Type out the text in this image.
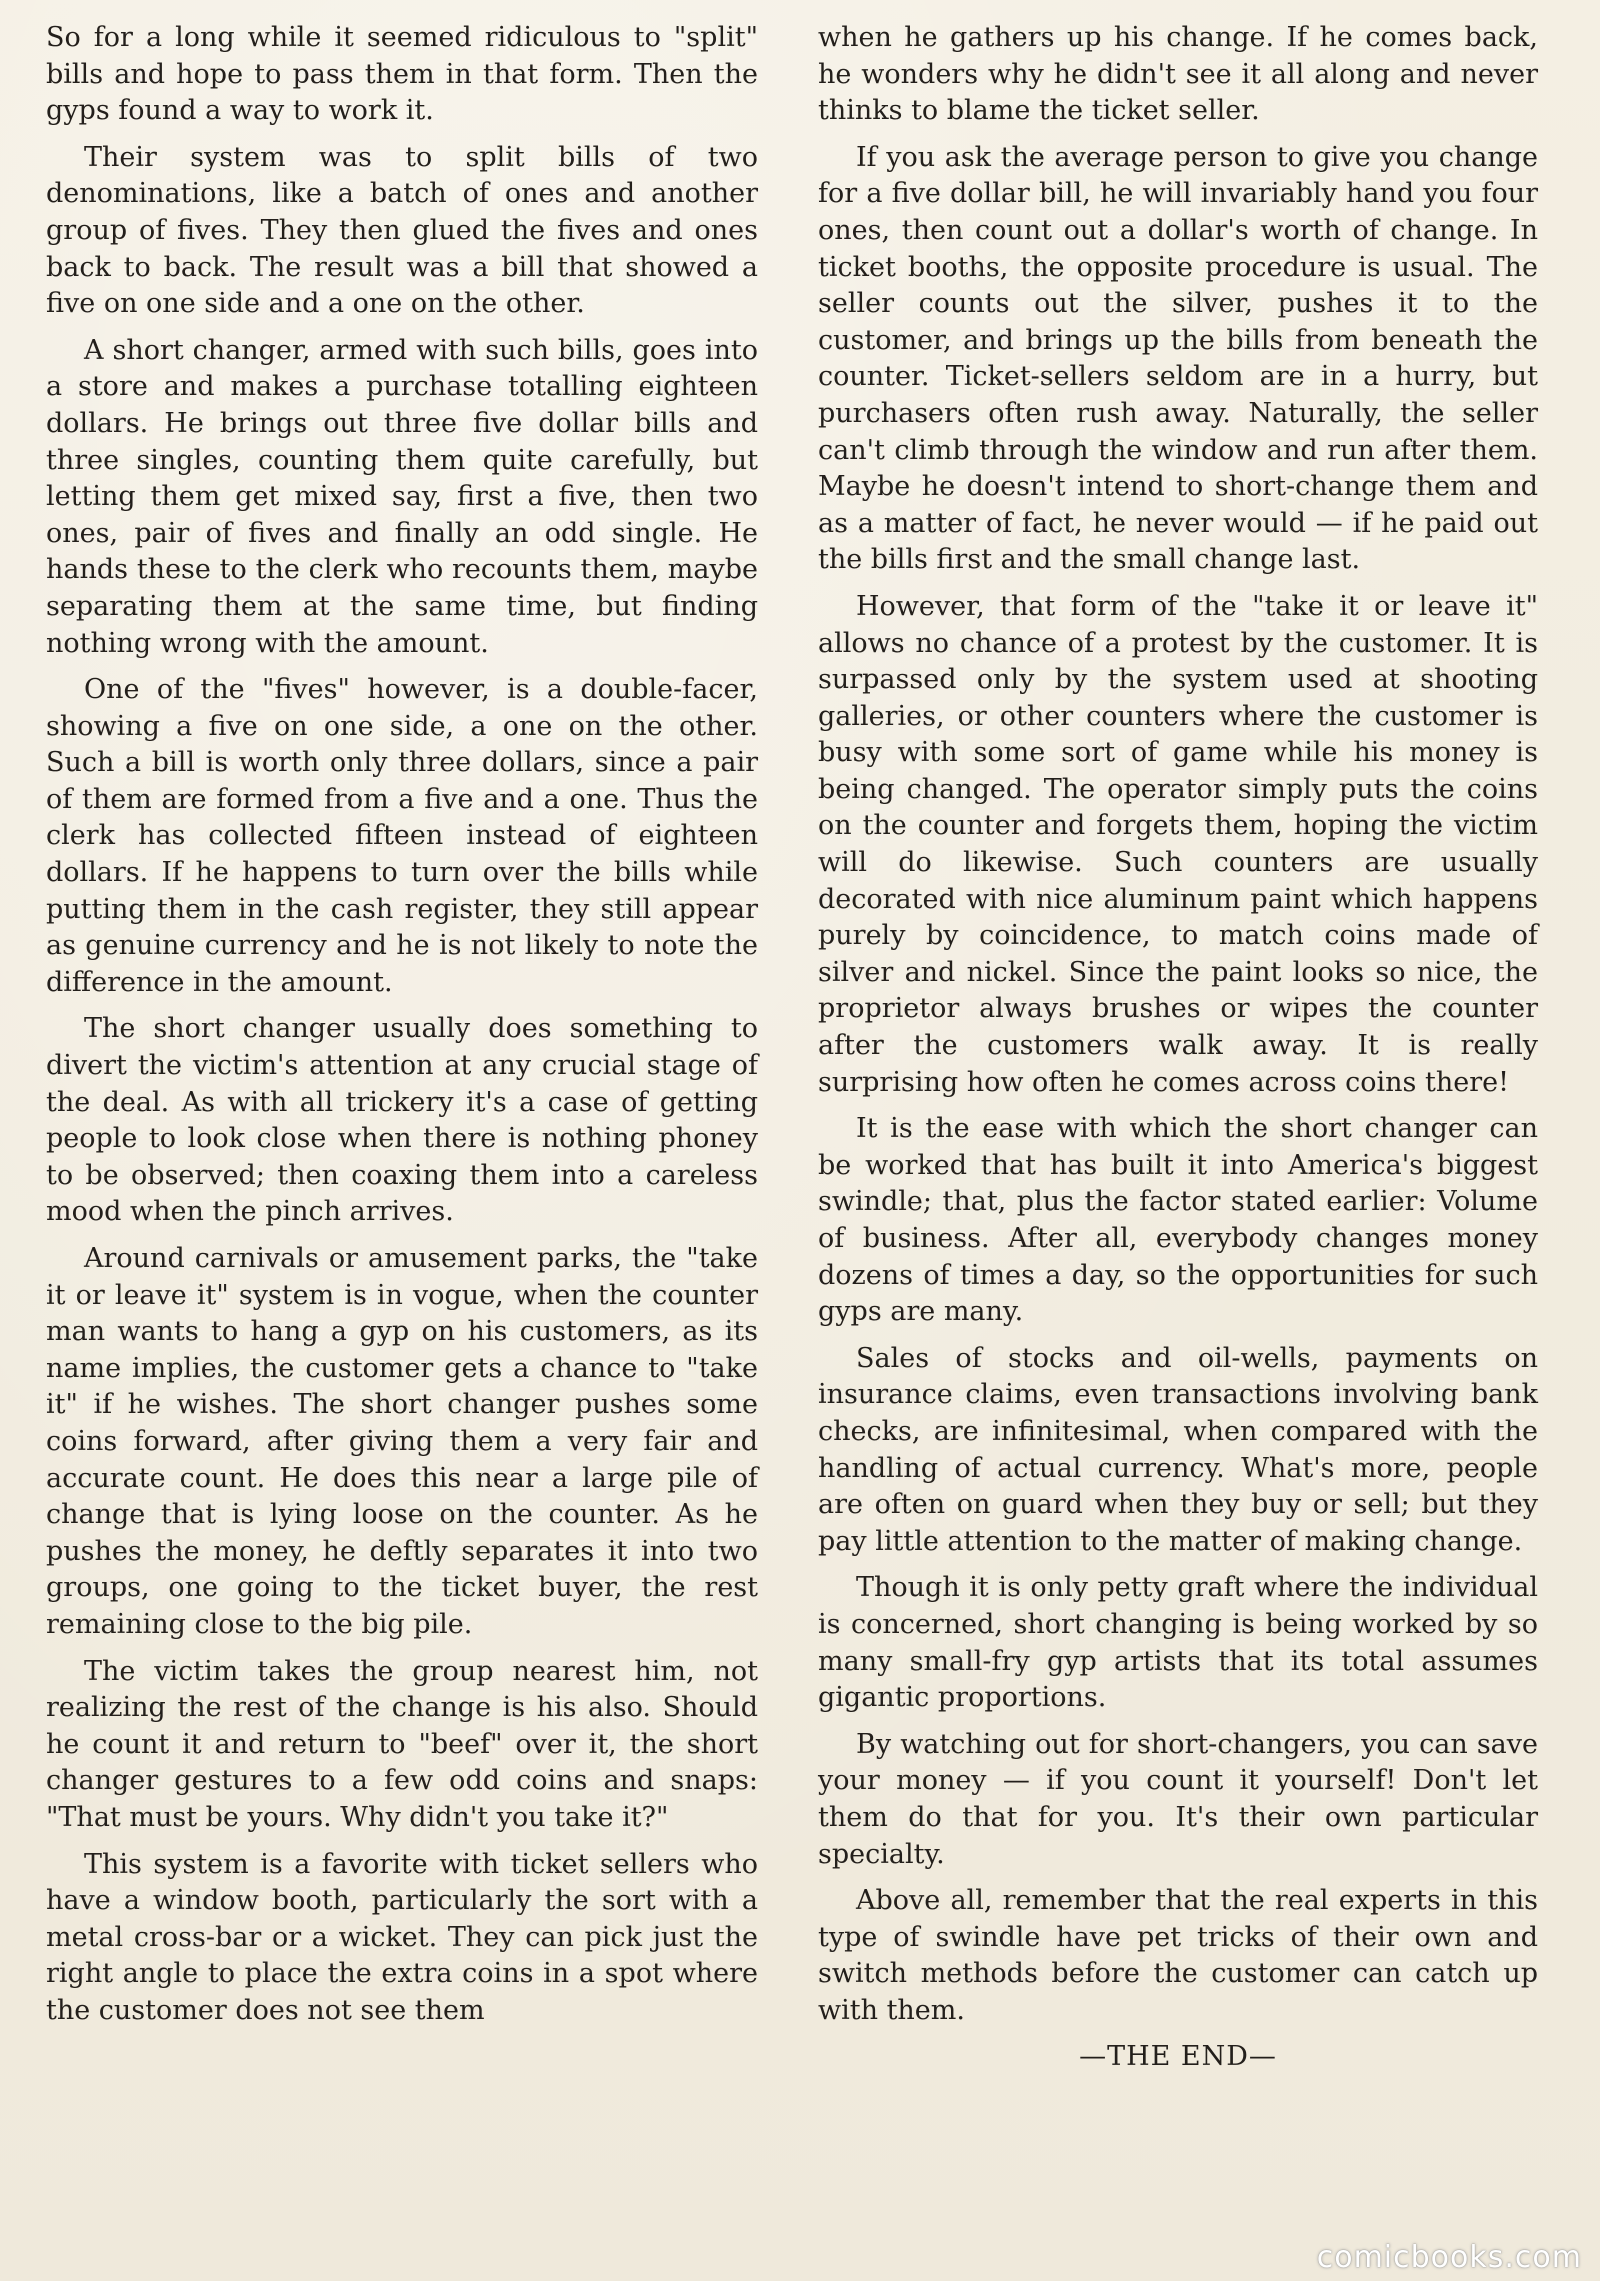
So for a long while it seemed ridiculous to "split" bills and hope to pass them in that form. Then the gyps found a way to work it.

Their system was to split bills of two denominations, like a batch of ones and another group of fives. They then glued the fives and ones back to back. The result was a bill that showed a five on one side and a one on the other.

A short changer, armed with such bills, goes into a store and makes a purchase totalling eighteen dollars. He brings out three five dollar bills and three singles, counting them quite carefully, but letting them get mixed say, first a five, then two ones, pair of fives and finally an odd single. He hands these to the clerk who recounts them, maybe separating them at the same time, but finding nothing wrong with the amount.

One of the "fives" however, is a double-facer, showing a five on one side, a one on the other. Such a bill is worth only three dollars, since a pair of them are formed from a five and a one. Thus the clerk has collected fifteen instead of eighteen dollars. If he happens to turn over the bills while putting them in the cash register, they still appear as genuine currency and he is not likely to note the difference in the amount.

The short changer usually does something to divert the victim's attention at any crucial stage of the deal. As with all trickery it's a case of getting people to look close when there is nothing phoney to be observed; then coaxing them into a careless mood when the pinch arrives.

Around carnivals or amusement parks, the "take it or leave it" system is in vogue, when the counter man wants to hang a gyp on his customers, as its name implies, the customer gets a chance to "take it" if he wishes. The short changer pushes some coins forward, after giving them a very fair and accurate count. He does this near a large pile of change that is lying loose on the counter. As he pushes the money, he deftly separates it into two groups, one going to the ticket buyer, the rest remaining close to the big pile.

The victim takes the group nearest him, not realizing the rest of the change is his also. Should he count it and return to "beef" over it, the short changer gestures to a few odd coins and snaps: "That must be yours. Why didn't you take it?"

This system is a favorite with ticket sellers who have a window booth, particularly the sort with a metal cross-bar or a wicket. They can pick just the right angle to place the extra coins in a spot where the customer does not see them

when he gathers up his change. If he comes back, he wonders why he didn't see it all along and never thinks to blame the ticket seller.

If you ask the average person to give you change for a five dollar bill, he will invariably hand you four ones, then count out a dollar's worth of change. In ticket booths, the opposite procedure is usual. The seller counts out the silver, pushes it to the customer, and brings up the bills from beneath the counter. Ticket-sellers seldom are in a hurry, but purchasers often rush away. Naturally, the seller can't climb through the window and run after them. Maybe he doesn't intend to short-change them and as a matter of fact, he never would — if he paid out the bills first and the small change last.

However, that form of the "take it or leave it" allows no chance of a protest by the customer. It is surpassed only by the system used at shooting galleries, or other counters where the customer is busy with some sort of game while his money is being changed. The operator simply puts the coins on the counter and forgets them, hoping the victim will do likewise. Such counters are usually decorated with nice aluminum paint which happens purely by coincidence, to match coins made of silver and nickel. Since the paint looks so nice, the proprietor always brushes or wipes the counter after the customers walk away. It is really surprising how often he comes across coins there!

It is the ease with which the short changer can be worked that has built it into America's biggest swindle; that, plus the factor stated earlier: Volume of business. After all, everybody changes money dozens of times a day, so the opportunities for such gyps are many.

Sales of stocks and oil-wells, payments on insurance claims, even transactions involving bank checks, are infinitesimal, when compared with the handling of actual currency. What's more, people are often on guard when they buy or sell; but they pay little attention to the matter of making change.

Though it is only petty graft where the individual is concerned, short changing is being worked by so many small-fry gyp artists that its total assumes gigantic proportions.

By watching out for short-changers, you can save your money — if you count it yourself! Don't let them do that for you. It's their own particular specialty.

Above all, remember that the real experts in this type of swindle have pet tricks of their own and switch methods before the customer can catch up with them.

—THE END—

comicbooks.com
